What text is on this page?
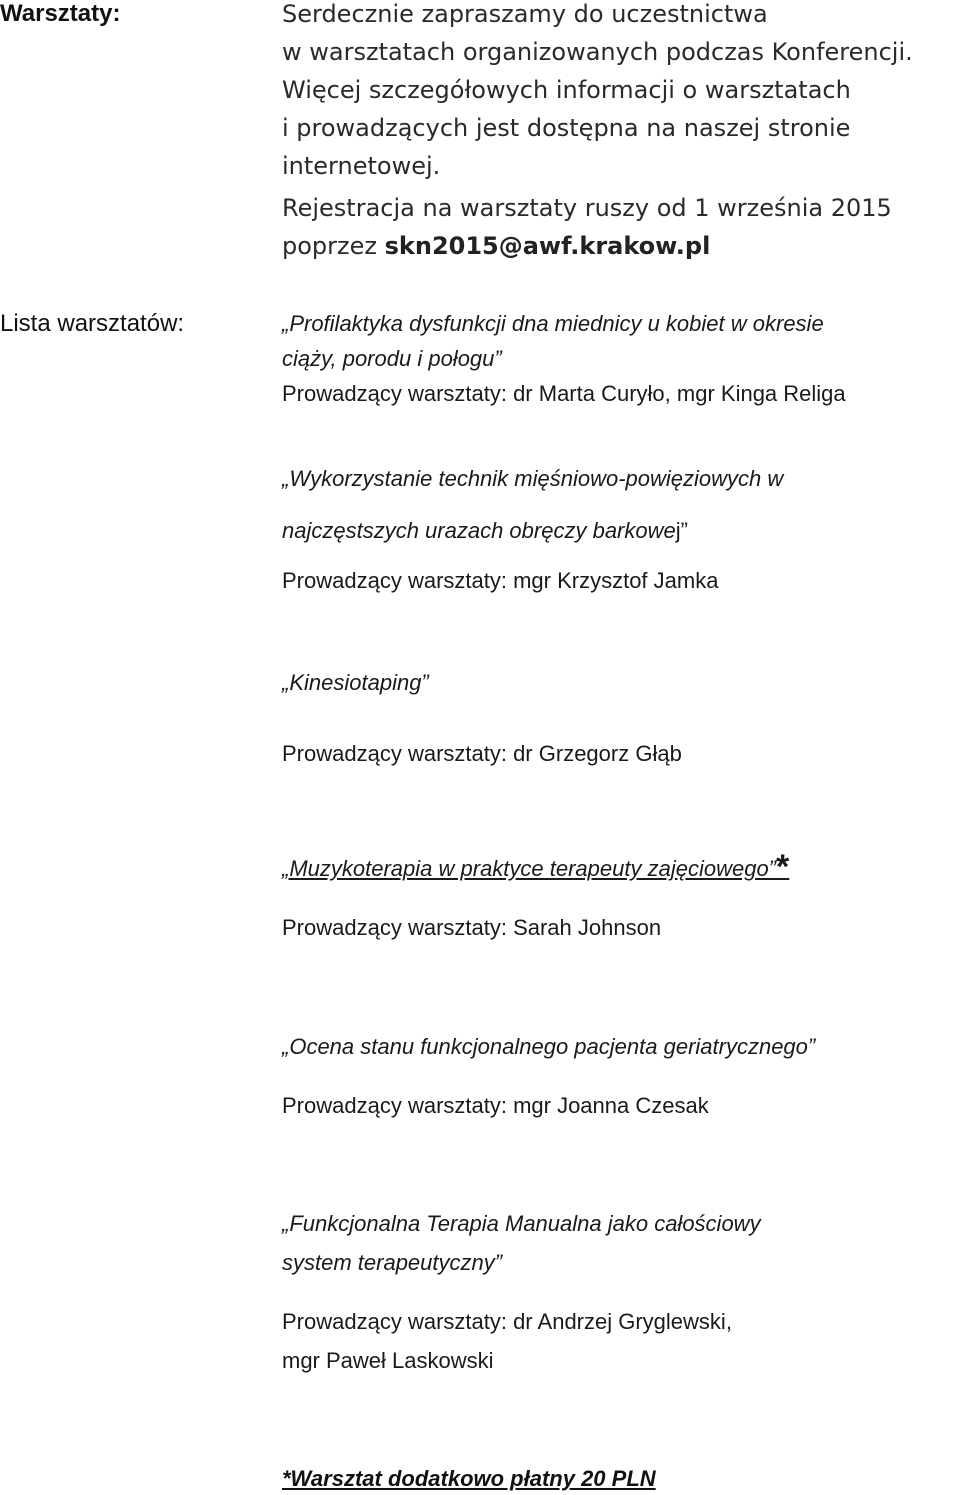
Warsztaty:
Lista warsztatów:
Serdecznie zapraszamy do uczestnictwa
w warsztatach organizowanych podczas Konferencji.
Więcej szczegółowych informacji o warsztatach
i prowadzących jest dostępna na naszej stronie
internetowej.
Rejestracja na warsztaty ruszy od 1 września 2015
poprzez skn2015@awf.krakow.pl
„Profilaktyka dysfunkcji dna miednicy u kobiet w okresie
ciąży, porodu i połogu”
Prowadzący warsztaty: dr Marta Curyło, mgr Kinga Religa
„Wykorzystanie technik mięśniowo-powięziowych w
najczęstszych urazach obręczy barkowej”
Prowadzący warsztaty: mgr Krzysztof Jamka
„Kinesiotaping”
Prowadzący warsztaty: dr Grzegorz Głąb
„Muzykoterapia w praktyce terapeuty zajęciowego”*
Prowadzący warsztaty: Sarah Johnson
„Ocena stanu funkcjonalnego pacjenta geriatrycznego”
Prowadzący warsztaty: mgr Joanna Czesak
„Funkcjonalna Terapia Manualna jako całościowy
system terapeutyczny”
Prowadzący warsztaty: dr Andrzej Gryglewski,
mgr Paweł Laskowski
*Warsztat dodatkowo płatny 20 PLN
